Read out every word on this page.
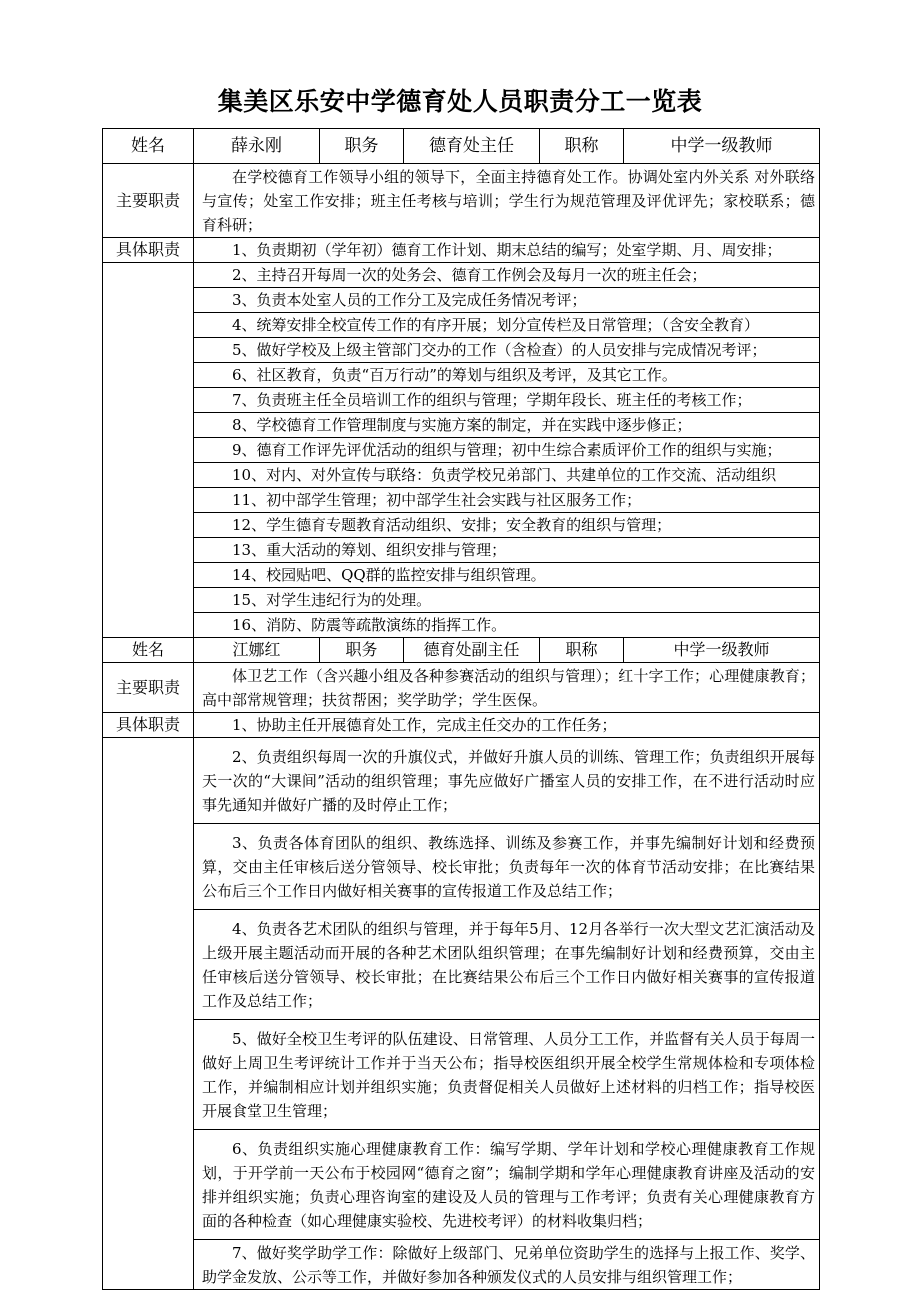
集美区乐安中学德育处人员职责分工一览表
姓名	薛永刚	职务	德育处主任	职称	中学一级教师
主要职责	在学校德育工作领导小组的领导下，全面主持德育处工作。协调处室内外关系 对外联络与宣传；处室工作安排；班主任考核与培训；学生行为规范管理及评优评先；家校联系；德育科研；				
具体职责	1、负责期初（学年初）德育工作计划、期末总结的编写；处室学期、月、周安排；				
	2、主持召开每周一次的处务会、德育工作例会及每月一次的班主任会；				
	3、负责本处室人员的工作分工及完成任务情况考评；				
	4、统筹安排全校宣传工作的有序开展；划分宣传栏及日常管理；（含安全教育）				
	5、做好学校及上级主管部门交办的工作（含检查）的人员安排与完成情况考评；				
	6、社区教育，负责“百万行动”的筹划与组织及考评，及其它工作。				
	7、负责班主任全员培训工作的组织与管理；学期年段长、班主任的考核工作；				
	8、学校德育工作管理制度与实施方案的制定，并在实践中逐步修正；				
	9、德育工作评先评优活动的组织与管理；初中生综合素质评价工作的组织与实施；				
	10、对内、对外宣传与联络：负责学校兄弟部门、共建单位的工作交流、活动组织				
	11、初中部学生管理；初中部学生社会实践与社区服务工作；				
	12、学生德育专题教育活动组织、安排；安全教育的组织与管理；				
	13、重大活动的筹划、组织安排与管理；				
	14、校园贴吧、QQ群的监控安排与组织管理。				
	15、对学生违纪行为的处理。				
	16、消防、防震等疏散演练的指挥工作。				
姓名	江娜红	职务	德育处副主任	职称	中学一级教师
主要职责	体卫艺工作（含兴趣小组及各种参赛活动的组织与管理）；红十字工作；心理健康教育；高中部常规管理；扶贫帮困；奖学助学；学生医保。				
具体职责	1、协助主任开展德育处工作，完成主任交办的工作任务；				
	2、负责组织每周一次的升旗仪式，并做好升旗人员的训练、管理工作；负责组织开展每天一次的“大课间”活动的组织管理；事先应做好广播室人员的安排工作，在不进行活动时应事先通知并做好广播的及时停止工作；				
	3、负责各体育团队的组织、教练选择、训练及参赛工作，并事先编制好计划和经费预算，交由主任审核后送分管领导、校长审批；负责每年一次的体育节活动安排；在比赛结果公布后三个工作日内做好相关赛事的宣传报道工作及总结工作；				
	4、负责各艺术团队的组织与管理，并于每年5月、12月各举行一次大型文艺汇演活动及上级开展主题活动而开展的各种艺术团队组织管理；在事先编制好计划和经费预算，交由主任审核后送分管领导、校长审批；在比赛结果公布后三个工作日内做好相关赛事的宣传报道工作及总结工作；				
	5、做好全校卫生考评的队伍建设、日常管理、人员分工工作，并监督有关人员于每周一做好上周卫生考评统计工作并于当天公布；指导校医组织开展全校学生常规体检和专项体检工作，并编制相应计划并组织实施；负责督促相关人员做好上述材料的归档工作；指导校医开展食堂卫生管理；				
	6、负责组织实施心理健康教育工作：编写学期、学年计划和学校心理健康教育工作规划，于开学前一天公布于校园网“德育之窗”；编制学期和学年心理健康教育讲座及活动的安排并组织实施；负责心理咨询室的建设及人员的管理与工作考评；负责有关心理健康教育方面的各种检查（如心理健康实验校、先进校考评）的材料收集归档；				
	7、做好奖学助学工作：除做好上级部门、兄弟单位资助学生的选择与上报工作、奖学、助学金发放、公示等工作，并做好参加各种颁发仪式的人员安排与组织管理工作；				
